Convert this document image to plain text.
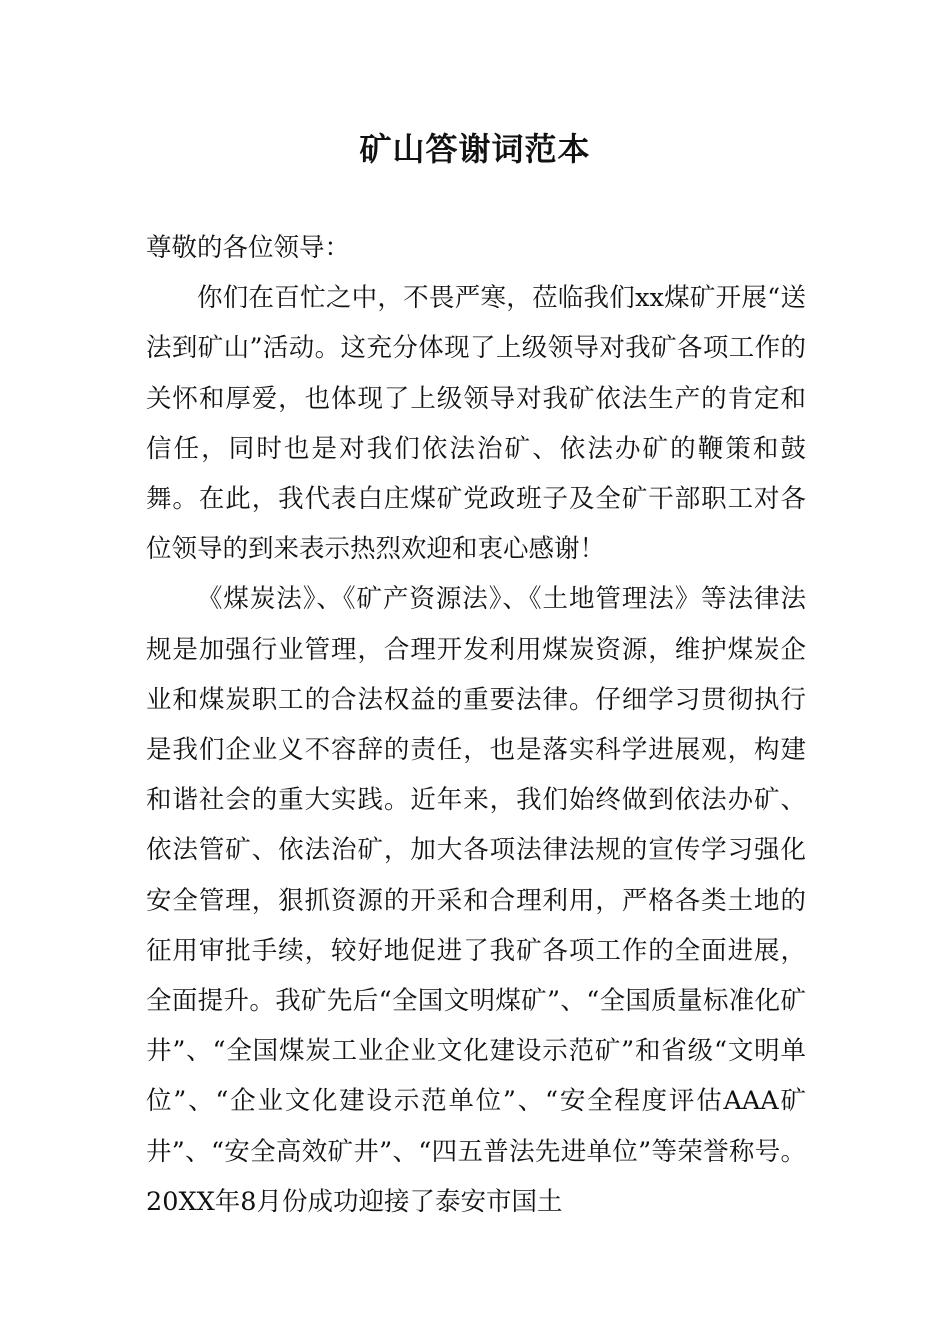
矿山答谢词范本

尊敬的各位领导：

你们在百忙之中，不畏严寒，莅临我们xx煤矿开展“送法到矿山”活动。这充分体现了上级领导对我矿各项工作的关怀和厚爱，也体现了上级领导对我矿依法生产的肯定和信任，同时也是对我们依法治矿、依法办矿的鞭策和鼓舞。在此，我代表白庄煤矿党政班子及全矿干部职工对各位领导的到来表示热烈欢迎和衷心感谢！

《煤炭法》、《矿产资源法》、《土地管理法》等法律法规是加强行业管理，合理开发利用煤炭资源，维护煤炭企业和煤炭职工的合法权益的重要法律。仔细学习贯彻执行是我们企业义不容辞的责任，也是落实科学进展观，构建和谐社会的重大实践。近年来，我们始终做到依法办矿、依法管矿、依法治矿，加大各项法律法规的宣传学习强化安全管理，狠抓资源的开采和合理利用，严格各类土地的征用审批手续，较好地促进了我矿各项工作的全面进展，全面提升。我矿先后“全国文明煤矿”、“全国质量标准化矿井”、“全国煤炭工业企业文化建设示范矿”和省级“文明单位”、“企业文化建设示范单位”、“安全程度评估AAA矿井”、“安全高效矿井”、“四五普法先进单位”等荣誉称号。20XX年8月份成功迎接了泰安市国土
